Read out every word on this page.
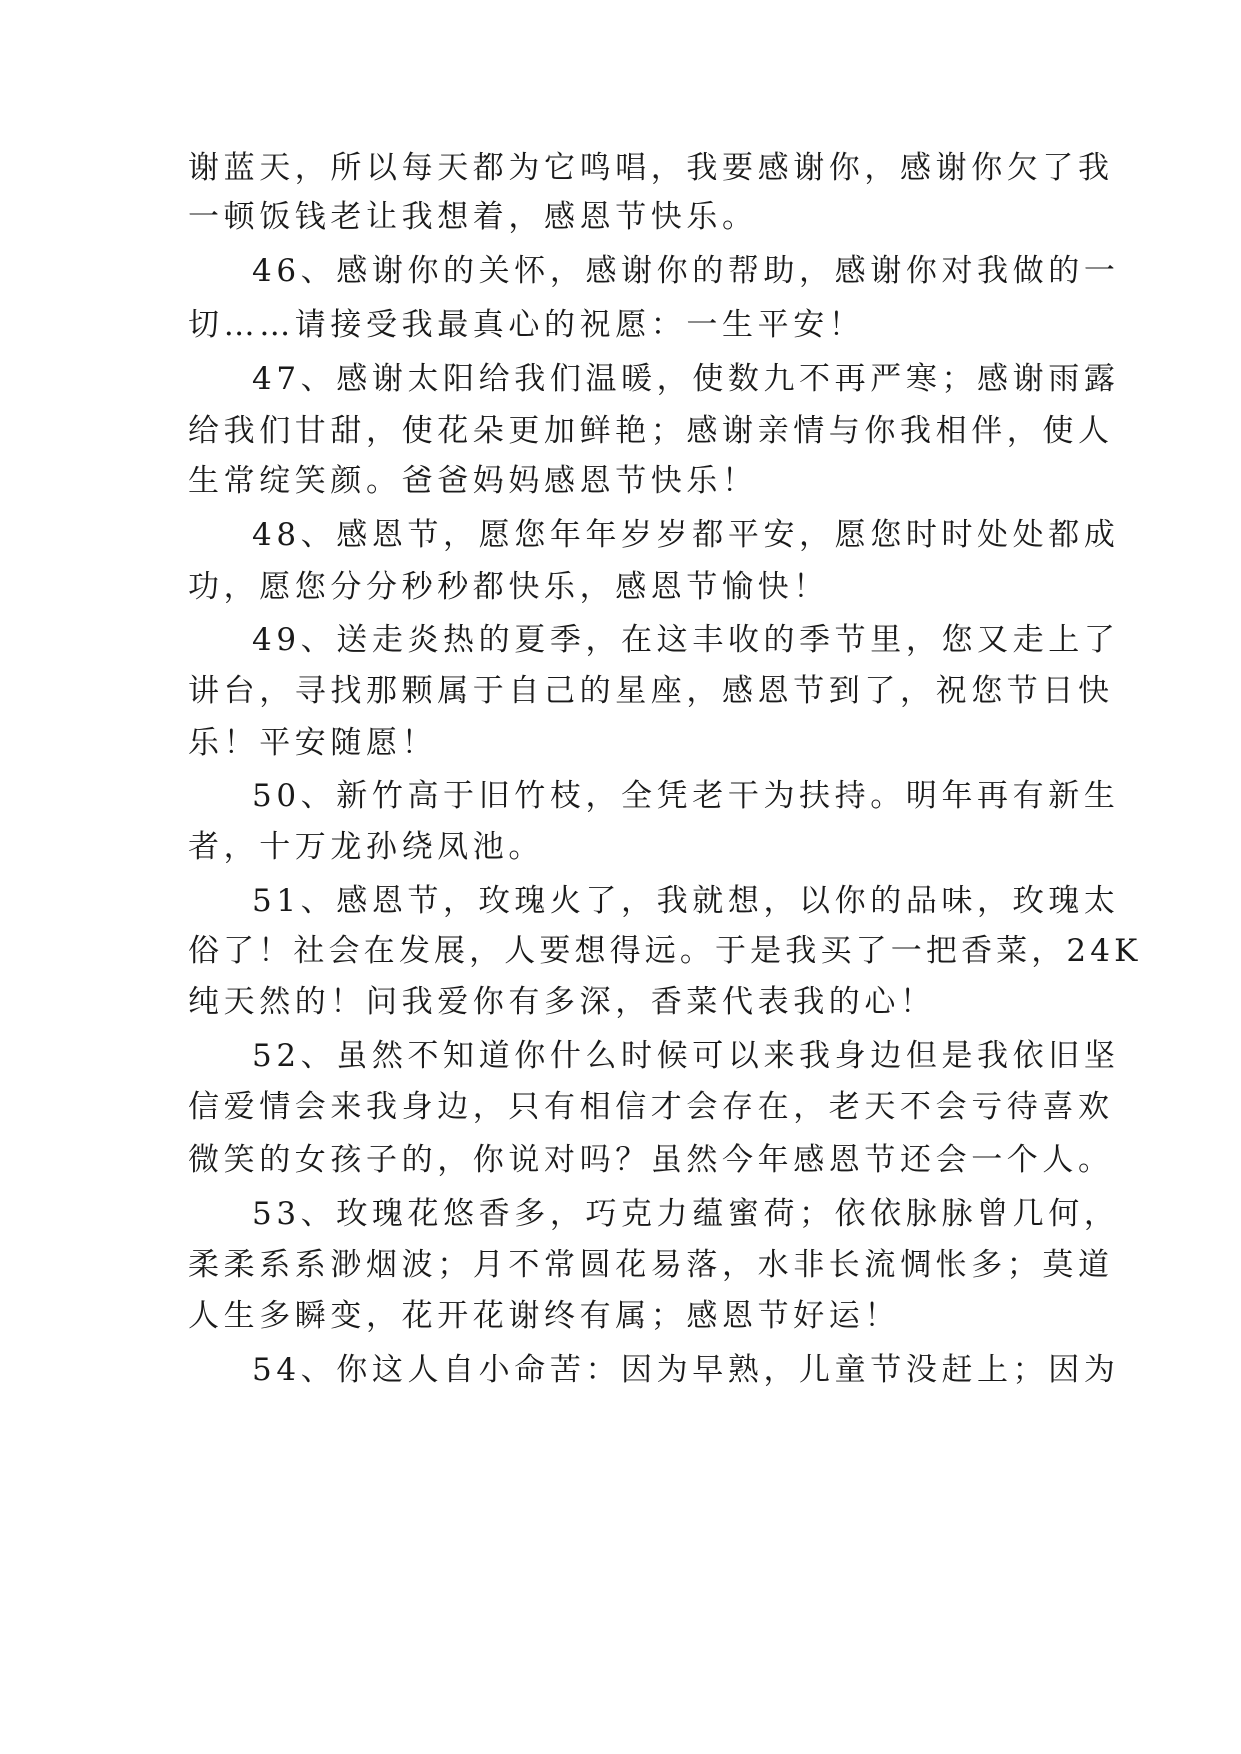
谢蓝天，所以每天都为它鸣唱，我要感谢你，感谢你欠了我
一顿饭钱老让我想着，感恩节快乐。
46、感谢你的关怀，感谢你的帮助，感谢你对我做的一
切……请接受我最真心的祝愿：一生平安！
47、感谢太阳给我们温暖，使数九不再严寒；感谢雨露
给我们甘甜，使花朵更加鲜艳；感谢亲情与你我相伴，使人
生常绽笑颜。爸爸妈妈感恩节快乐！
48、感恩节，愿您年年岁岁都平安，愿您时时处处都成
功，愿您分分秒秒都快乐，感恩节愉快！
49、送走炎热的夏季，在这丰收的季节里，您又走上了
讲台，寻找那颗属于自己的星座，感恩节到了，祝您节日快
乐！平安随愿！
50、新竹高于旧竹枝，全凭老干为扶持。明年再有新生
者，十万龙孙绕凤池。
51、感恩节，玫瑰火了，我就想，以你的品味，玫瑰太
俗了！社会在发展，人要想得远。于是我买了一把香菜，24K
纯天然的！问我爱你有多深，香菜代表我的心！
52、虽然不知道你什么时候可以来我身边但是我依旧坚
信爱情会来我身边，只有相信才会存在，老天不会亏待喜欢
微笑的女孩子的，你说对吗？虽然今年感恩节还会一个人。
53、玫瑰花悠香多，巧克力蕴蜜荷；依依脉脉曾几何，
柔柔系系渺烟波；月不常圆花易落，水非长流惆怅多；莫道
人生多瞬变，花开花谢终有属；感恩节好运！
54、你这人自小命苦：因为早熟，儿童节没赶上；因为
